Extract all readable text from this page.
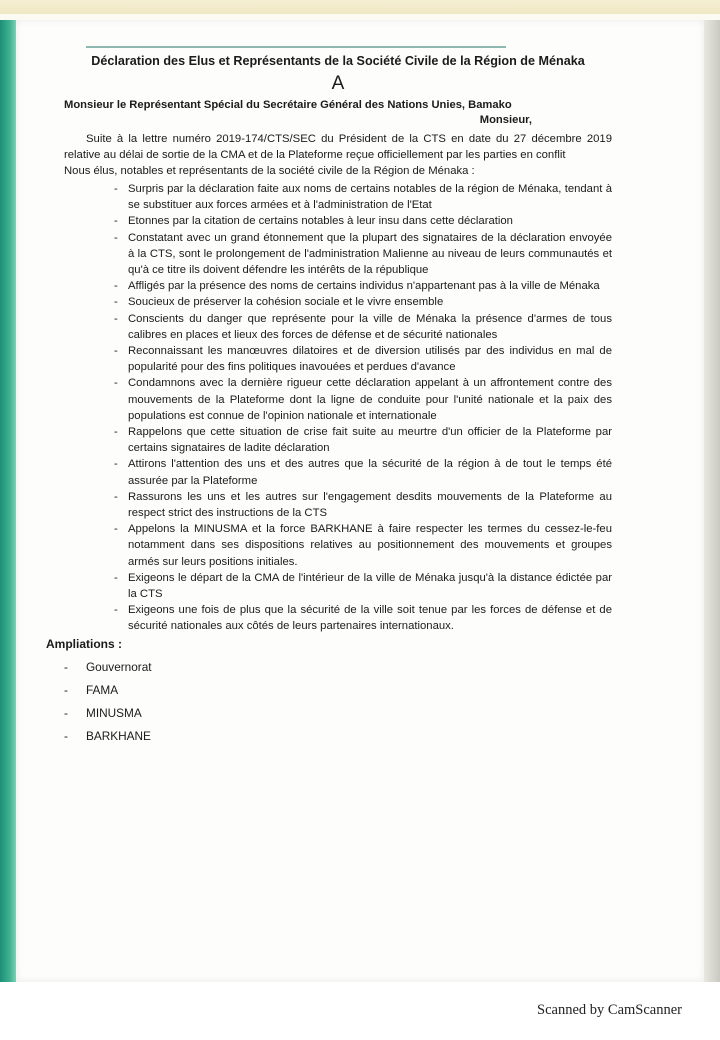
Déclaration des Elus et Représentants de la Société Civile de la Région de Ménaka
A
Monsieur le Représentant Spécial du Secrétaire Général des Nations Unies, Bamako
Monsieur,
Suite à la lettre numéro 2019-174/CTS/SEC du Président de la CTS en date du 27 décembre 2019 relative au délai de sortie de la CMA et de la Plateforme reçue officiellement par les parties en conflit
Nous élus, notables et représentants de la société civile de la Région de Ménaka :
- Surpris par la déclaration faite aux noms de certains notables de la région de Ménaka, tendant à se substituer aux forces armées et à l'administration de l'Etat
- Etonnes par la citation de certains notables à leur insu dans cette déclaration
- Constatant avec un grand étonnement que la plupart des signataires de la déclaration envoyée à la CTS, sont le prolongement de l'administration Malienne au niveau de leurs communautés et qu'à ce titre ils doivent défendre les intérêts de la république
- Affligés par la présence des noms de certains individus n'appartenant pas à la ville de Ménaka
- Soucieux de préserver la cohésion sociale et le vivre ensemble
- Conscients du danger que représente pour la ville de Ménaka la présence d'armes de tous calibres en places et lieux des forces de défense et de sécurité nationales
- Reconnaissant les manœuvres dilatoires et de diversion utilisés par des individus en mal de popularité pour des fins politiques inavouées et perdues d'avance
- Condamnons avec la dernière rigueur cette déclaration appelant à un affrontement contre des mouvements de la Plateforme dont la ligne de conduite pour l'unité nationale et la paix des populations est connue de l'opinion nationale et internationale
- Rappelons que cette situation de crise fait suite au meurtre d'un officier de la Plateforme par certains signataires de ladite déclaration
- Attirons l'attention des uns et des autres que la sécurité de la région à de tout le temps été assurée par la Plateforme
- Rassurons les uns et les autres sur l'engagement desdits mouvements de la Plateforme au respect strict des instructions de la CTS
- Appelons la MINUSMA et la force BARKHANE à faire respecter les termes du cessez-le-feu notamment dans ses dispositions relatives au positionnement des mouvements et groupes armés sur leurs positions initiales.
- Exigeons le départ de la CMA de l'intérieur de la ville de Ménaka jusqu'à la distance édictée par la CTS
- Exigeons une fois de plus que la sécurité de la ville soit tenue par les forces de défense et de sécurité nationales aux côtés de leurs partenaires internationaux.
Ampliations :
- Gouvernorat
- FAMA
- MINUSMA
- BARKHANE
Scanned by CamScanner
